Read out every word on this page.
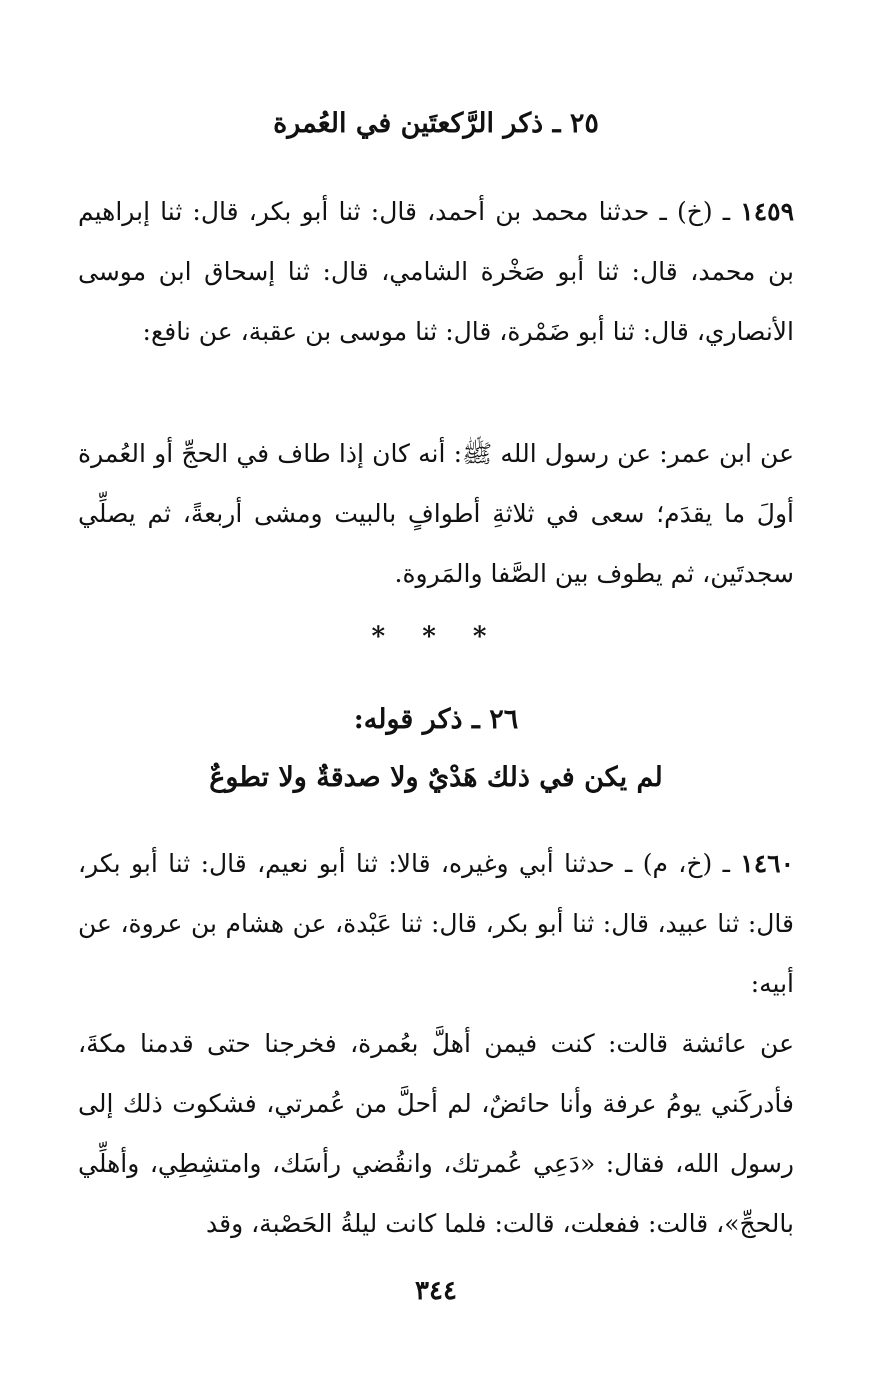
٢٥ ـ ذكر الرَّكعتَين في العُمرة
١٤٥٩ ـ (خ) ـ حدثنا محمد بن أحمد، قال: ثنا أبو بكر، قال: ثنا إبراهيم بن محمد، قال: ثنا أبو صَخْرة الشامي، قال: ثنا إسحاق ابن موسى الأنصاري، قال: ثنا أبو ضَمْرة، قال: ثنا موسى بن عقبة، عن نافع:
عن ابن عمر: عن رسول الله ﷺ: أنه كان إذا طاف في الحجِّ أو العُمرة أولَ ما يقدَم؛ سعى في ثلاثةِ أطوافٍ بالبيت ومشى أربعةً، ثم يصلِّي سجدتَين، ثم يطوف بين الصَّفا والمَروة.
* * *
٢٦ ـ ذكر قوله:
لم يكن في ذلك هَدْيٌ ولا صدقةٌ ولا تطوعٌ
١٤٦٠ ـ (خ، م) ـ حدثنا أبي وغيره، قالا: ثنا أبو نعيم، قال: ثنا أبو بكر، قال: ثنا عبيد، قال: ثنا أبو بكر، قال: ثنا عَبْدة، عن هشام بن عروة، عن أبيه:
عن عائشة قالت: كنت فيمن أهلَّ بعُمرة، فخرجنا حتى قدمنا مكةَ، فأدركَني يومُ عرفة وأنا حائضٌ، لم أحلَّ من عُمرتي، فشكوت ذلك إلى رسول الله، فقال: «دَعِي عُمرتك، وانقُضي رأسَك، وامتشِطِي، وأهلِّي بالحجِّ»، قالت: ففعلت، قالت: فلما كانت ليلةُ الحَصْبة، وقد
٣٤٤
